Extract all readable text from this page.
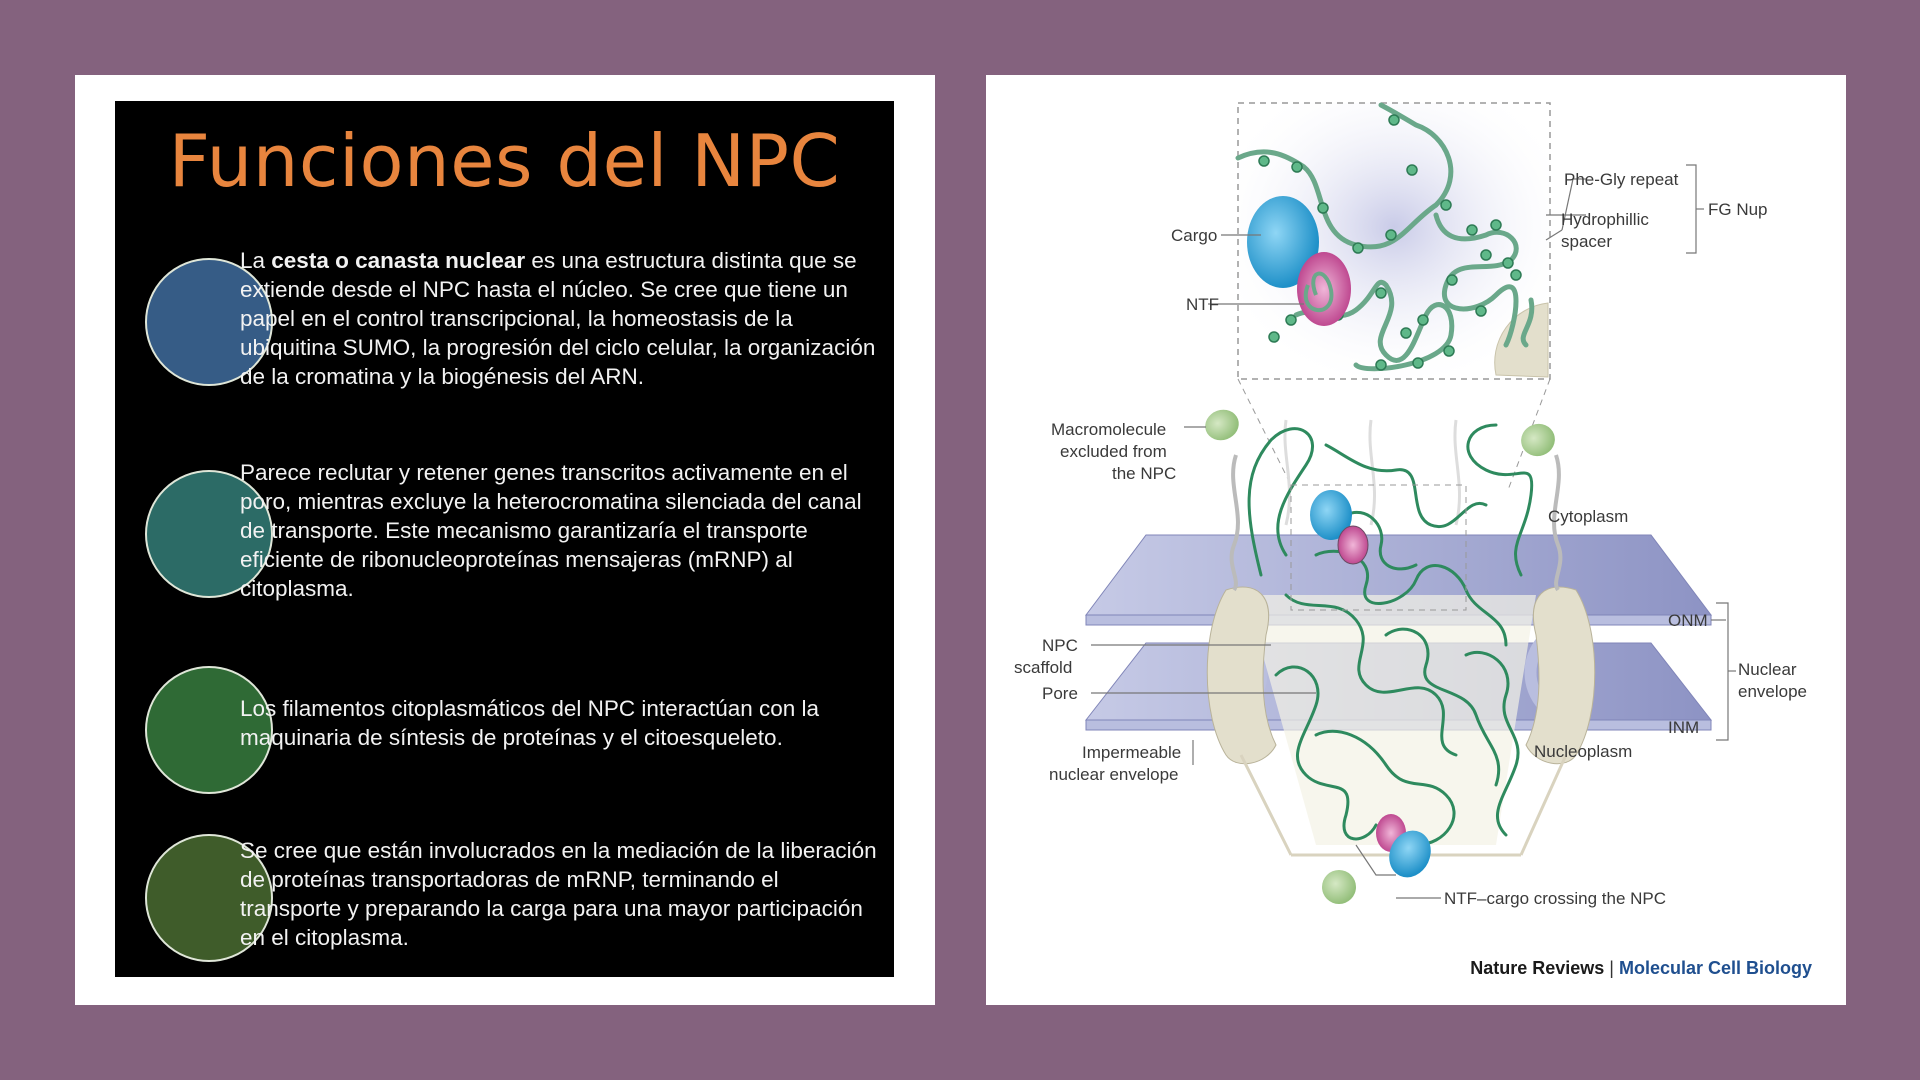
Funciones del NPC
La cesta o canasta nuclear es una estructura distinta que se extiende desde el NPC hasta el núcleo. Se cree que tiene un papel en el control transcripcional, la homeostasis de la ubiquitina SUMO, la progresión del ciclo celular, la organización de la cromatina y la biogénesis del ARN.
Parece reclutar y retener genes transcritos activamente en el poro, mientras excluye la heterocromatina silenciada del canal de transporte. Este mecanismo garantizaría el transporte eficiente de ribonucleoproteínas mensajeras (mRNP) al citoplasma.
Los filamentos citoplasmáticos del NPC interactúan con la maquinaria de síntesis de proteínas y el citoesqueleto.
Se cree que están involucrados en la mediación de la liberación de proteínas transportadoras de mRNP, terminando el transporte y preparando la carga para una mayor participación en el citoplasma.
Cargo
NTF
Phe-Gly repeat
Hydrophillic
spacer
FG Nup
Macromolecule
excluded from
the NPC
Cytoplasm
ONM
Nuclear
envelope
INM
NPC
scaffold
Pore
Impermeable
nuclear envelope
Nucleoplasm
NTF–cargo crossing the NPC
Nature Reviews | Molecular Cell Biology
